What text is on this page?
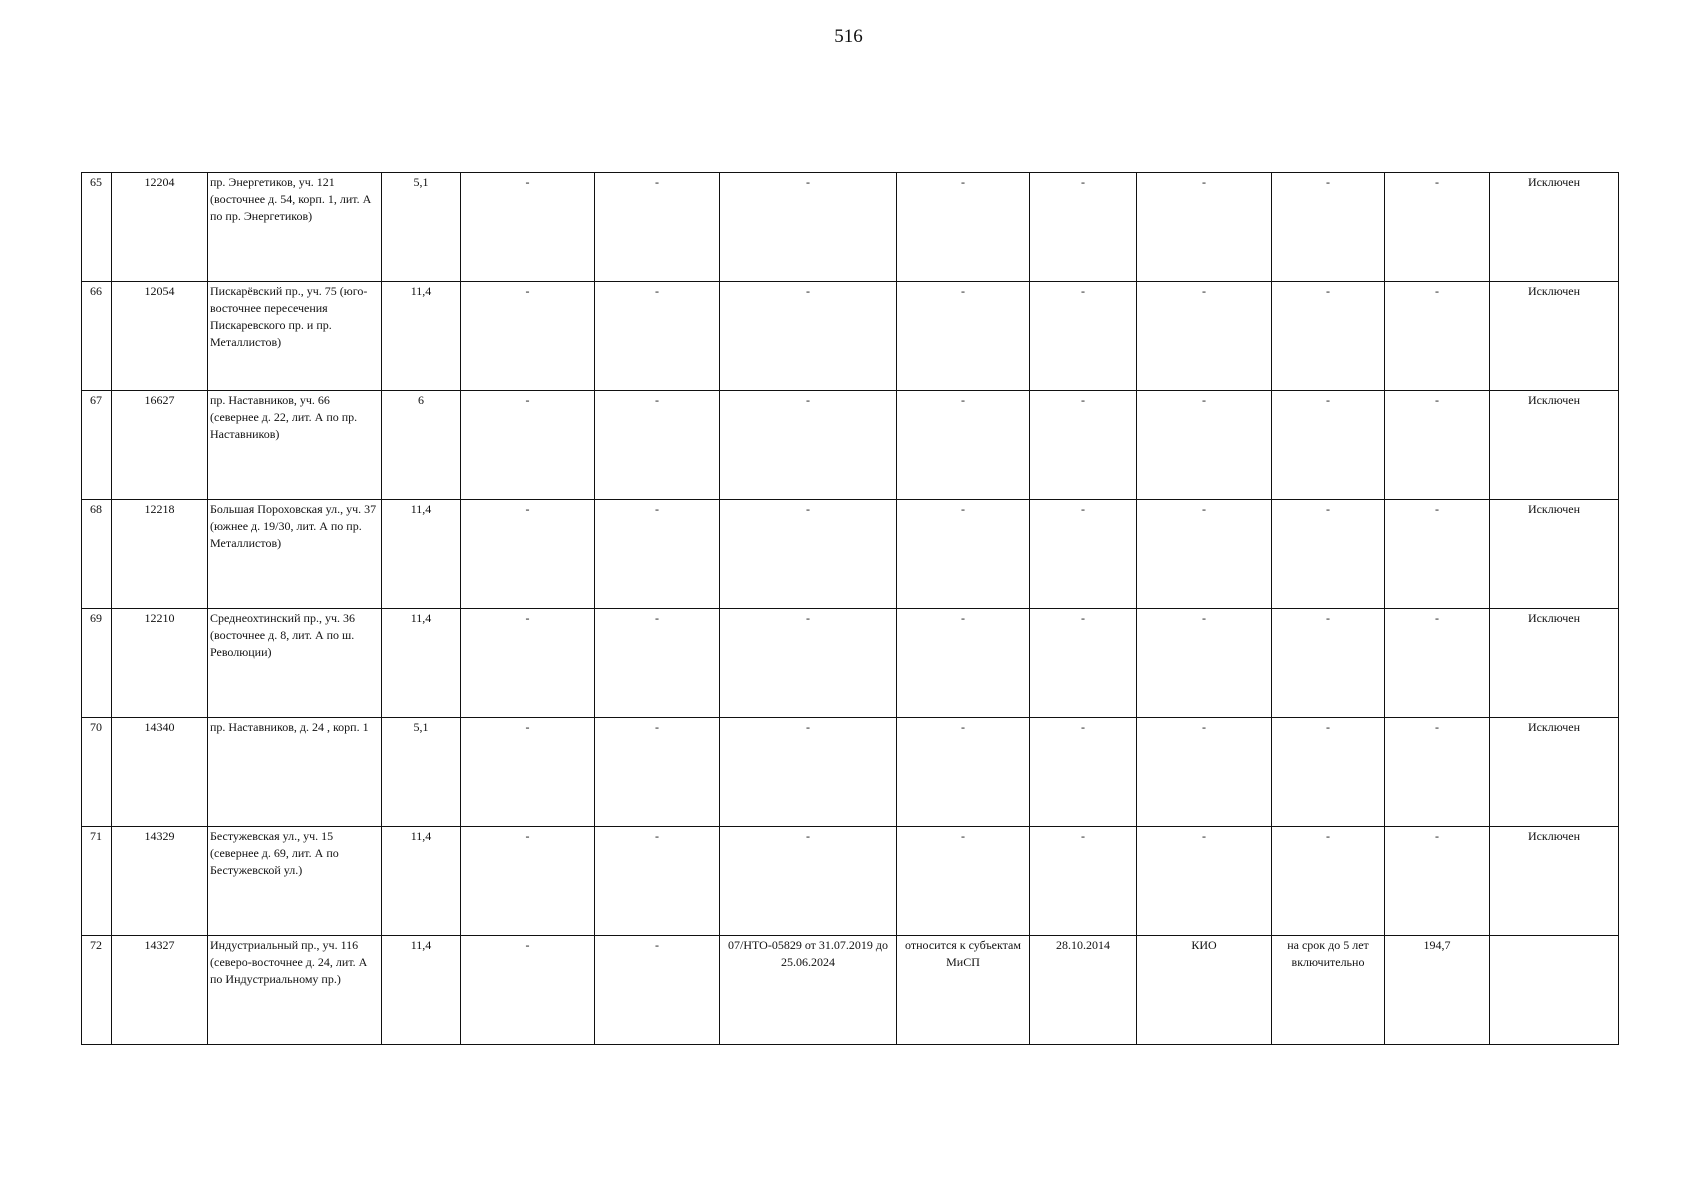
516
65	12204	пр. Энергетиков, уч. 121 (восточнее д. 54, корп. 1, лит. А по пр. Энергетиков)	5,1	-	-	-	-	-	-	-	-	Исключен
66	12054	Пискарёвский пр., уч. 75 (юго-восточнее пересечения Пискаревского пр. и пр. Металлистов)	11,4	-	-	-	-	-	-	-	-	Исключен
67	16627	пр. Наставников, уч. 66 (севернее д. 22, лит. А по пр. Наставников)	6	-	-	-	-	-	-	-	-	Исключен
68	12218	Большая Пороховская ул., уч. 37 (южнее д. 19/30, лит. А по пр. Металлистов)	11,4	-	-	-	-	-	-	-	-	Исключен
69	12210	Среднеохтинский пр., уч. 36 (восточнее д. 8, лит. А по ш. Революции)	11,4	-	-	-	-	-	-	-	-	Исключен
70	14340	пр. Наставников, д. 24 , корп. 1	5,1	-	-	-	-	-	-	-	-	Исключен
71	14329	Бестужевская ул., уч. 15 (севернее д. 69, лит. А по Бестужевской ул.)	11,4	-	-	-	-	-	-	-	-	Исключен
72	14327	Индустриальный пр., уч. 116 (северо-восточнее д. 24, лит. А по Индустриальному пр.)	11,4	-	-	07/НТО-05829 от 31.07.2019 до 25.06.2024	относится к субъектам МиСП	28.10.2014	КИО	на срок до 5 лет включительно	194,7	
